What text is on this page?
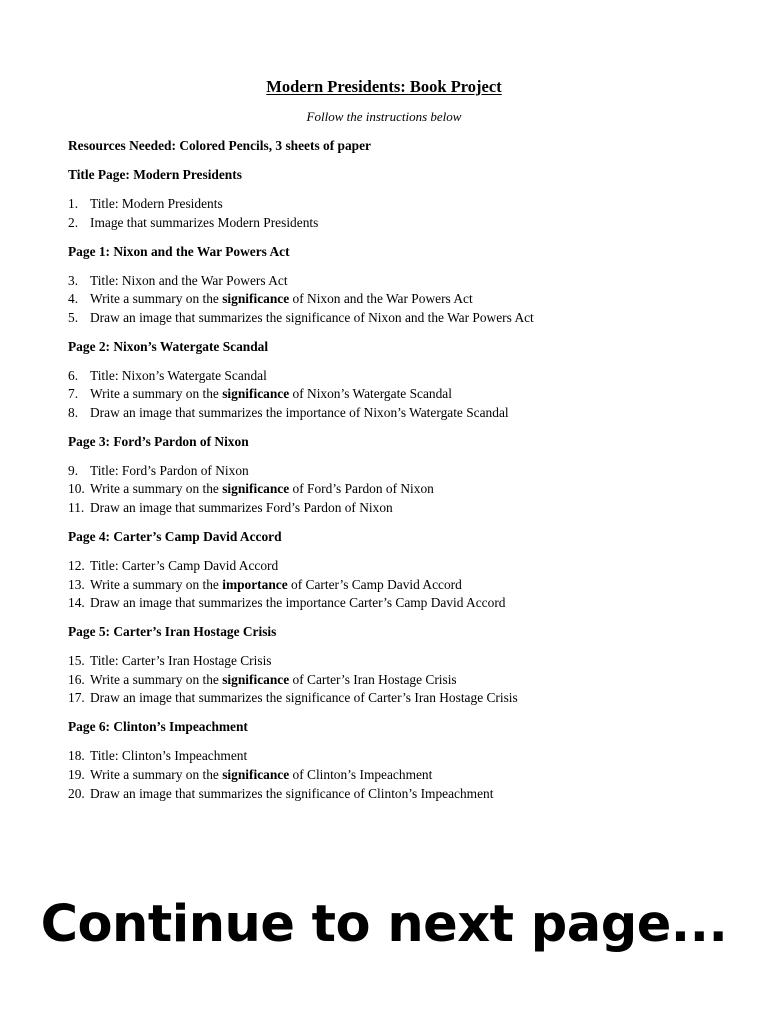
Modern Presidents: Book Project
Follow the instructions below
Resources Needed: Colored Pencils, 3 sheets of paper
Title Page: Modern Presidents
1. Title: Modern Presidents
2. Image that summarizes Modern Presidents
Page 1: Nixon and the War Powers Act
3. Title: Nixon and the War Powers Act
4. Write a summary on the significance of Nixon and the War Powers Act
5. Draw an image that summarizes the significance of Nixon and the War Powers Act
Page 2: Nixon’s Watergate Scandal
6. Title: Nixon’s Watergate Scandal
7. Write a summary on the significance of Nixon’s Watergate Scandal
8. Draw an image that summarizes the importance of Nixon’s Watergate Scandal
Page 3: Ford’s Pardon of Nixon
9. Title: Ford’s Pardon of Nixon
10. Write a summary on the significance of Ford’s Pardon of Nixon
11. Draw an image that summarizes Ford’s Pardon of Nixon
Page 4: Carter’s Camp David Accord
12. Title: Carter’s Camp David Accord
13. Write a summary on the importance of Carter’s Camp David Accord
14. Draw an image that summarizes the importance Carter’s Camp David Accord
Page 5: Carter’s Iran Hostage Crisis
15. Title: Carter’s Iran Hostage Crisis
16. Write a summary on the significance of Carter’s Iran Hostage Crisis
17. Draw an image that summarizes the significance of Carter’s Iran Hostage Crisis
Page 6: Clinton’s Impeachment
18. Title: Clinton’s Impeachment
19. Write a summary on the significance of Clinton’s Impeachment
20. Draw an image that summarizes the significance of Clinton’s Impeachment
Continue to next page...
